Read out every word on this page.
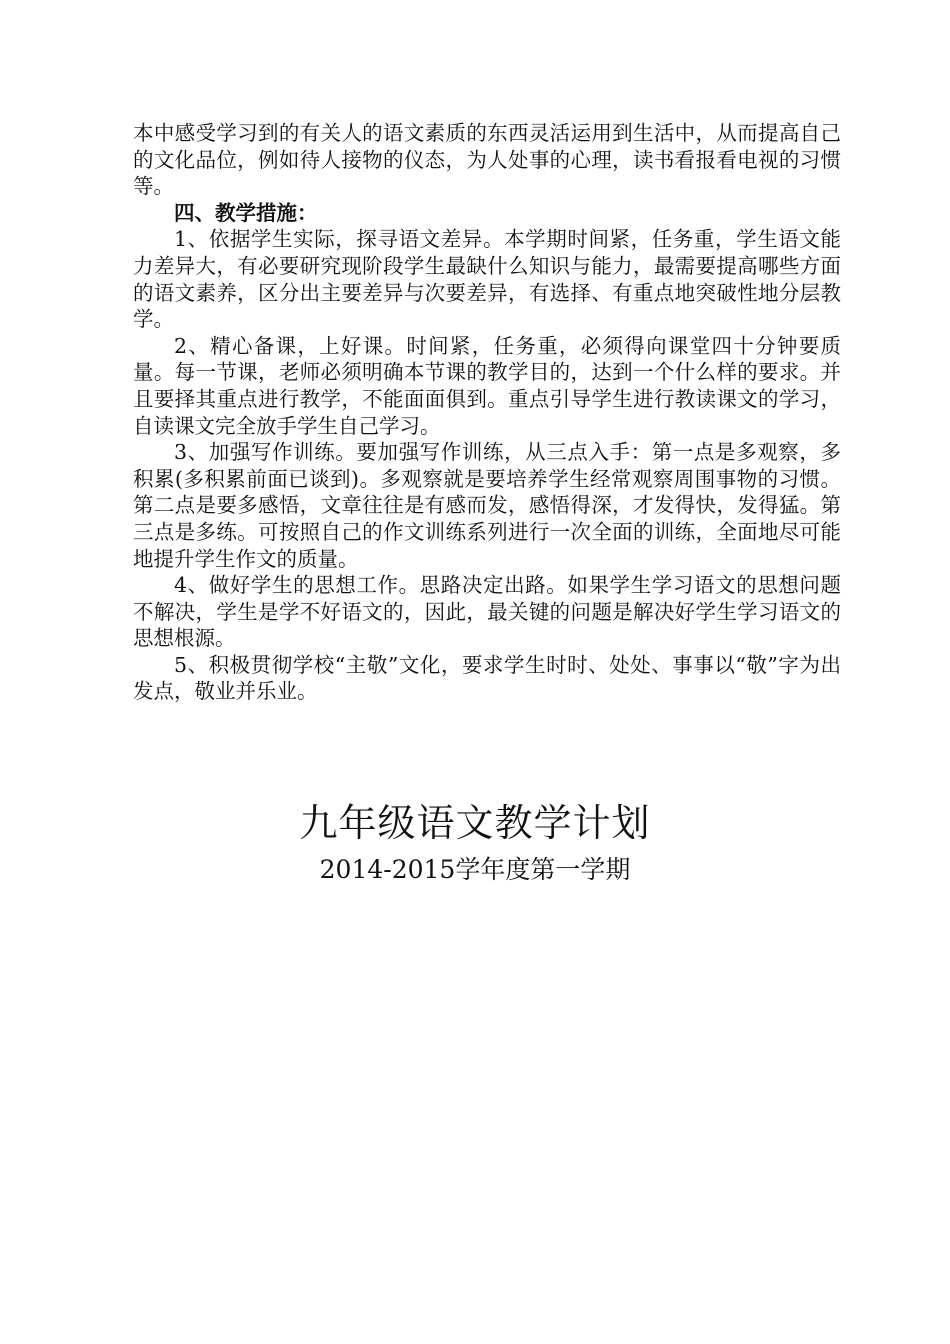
本中感受学习到的有关人的语文素质的东西灵活运用到生活中，从而提高自己的文化品位，例如待人接物的仪态，为人处事的心理，读书看报看电视的习惯等。

四、教学措施：

1、依据学生实际，探寻语文差异。本学期时间紧，任务重，学生语文能力差异大，有必要研究现阶段学生最缺什么知识与能力，最需要提高哪些方面的语文素养，区分出主要差异与次要差异，有选择、有重点地突破性地分层教学。

2、精心备课，上好课。时间紧，任务重，必须得向课堂四十分钟要质量。每一节课，老师必须明确本节课的教学目的，达到一个什么样的要求。并且要择其重点进行教学，不能面面俱到。重点引导学生进行教读课文的学习，自读课文完全放手学生自己学习。

3、加强写作训练。要加强写作训练，从三点入手：第一点是多观察，多积累(多积累前面已谈到)。多观察就是要培养学生经常观察周围事物的习惯。第二点是要多感悟，文章往往是有感而发，感悟得深，才发得快，发得猛。第三点是多练。可按照自己的作文训练系列进行一次全面的训练，全面地尽可能地提升学生作文的质量。

4、做好学生的思想工作。思路决定出路。如果学生学习语文的思想问题不解决，学生是学不好语文的，因此，最关键的问题是解决好学生学习语文的思想根源。

5、积极贯彻学校“主敬”文化，要求学生时时、处处、事事以“敬”字为出发点，敬业并乐业。

九年级语文教学计划
2014-2015学年度第一学期
